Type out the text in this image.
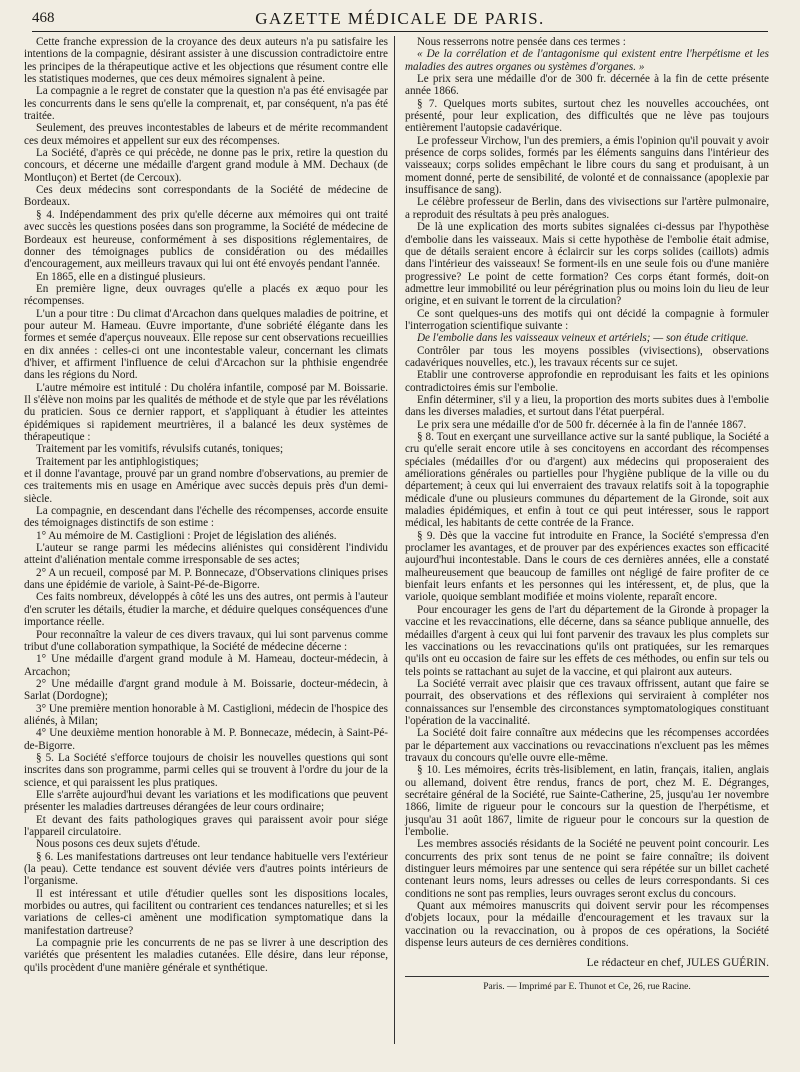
468	GAZETTE MÉDICALE DE PARIS.

Cette franche expression de la croyance des deux auteurs n'a pu satisfaire les intentions de la compagnie, désirant assister à une discussion contradictoire entre les principes de la thérapeutique active et les objections que résument contre elle les statistiques modernes, que ces deux mémoires signalent à peine.

La compagnie a le regret de constater que la question n'a pas été envisagée par les concurrents dans le sens qu'elle la comprenait, et, par conséquent, n'a pas été traitée.

Seulement, des preuves incontestables de labeurs et de mérite recommandent ces deux mémoires et appellent sur eux des récompenses.

La Société, d'après ce qui précède, ne donne pas le prix, retire la question du concours, et décerne une médaille d'argent grand module à MM. Dechaux (de Montluçon) et Bertet (de Cercoux).

Ces deux médecins sont correspondants de la Société de médecine de Bordeaux.

§ 4. Indépendamment des prix qu'elle décerne aux mémoires qui ont traité avec succès les questions posées dans son programme, la Société de médecine de Bordeaux est heureuse, conformément à ses dispositions réglementaires, de donner des témoignages publics de considération ou des médailles d'encouragement, aux meilleurs travaux qui lui ont été envoyés pendant l'année.

En 1865, elle en a distingué plusieurs.

En première ligne, deux ouvrages qu'elle a placés ex æquo pour les récompenses.

L'un a pour titre : Du climat d'Arcachon dans quelques maladies de poitrine, et pour auteur M. Hameau. Œuvre importante, d'une sobriété élégante dans les formes et semée d'aperçus nouveaux. Elle repose sur cent observations recueillies en dix années : celles-ci ont une incontestable valeur, concernant les climats d'hiver, et affirment l'influence de celui d'Arcachon sur la phthisie engendrée dans les régions du Nord.

L'autre mémoire est intitulé : Du choléra infantile, composé par M. Boissarie. Il s'élève non moins par les qualités de méthode et de style que par les révélations du praticien. Sous ce dernier rapport, et s'appliquant à étudier les atteintes épidémiques si rapidement meurtrières, il a balancé les deux systèmes de thérapeutique :

Traitement par les vomitifs, révulsifs cutanés, toniques;

Traitement par les antiphlogistiques;

et il donne l'avantage, prouvé par un grand nombre d'observations, au premier de ces traitements mis en usage en Amérique avec succès depuis près d'un demi-siècle.

La compagnie, en descendant dans l'échelle des récompenses, accorde ensuite des témoignages distinctifs de son estime :

1° Au mémoire de M. Castiglioni : Projet de législation des aliénés.

L'auteur se range parmi les médecins aliénistes qui considèrent l'individu atteint d'aliénation mentale comme irresponsable de ses actes;

2° A un recueil, composé par M. P. Bonnecaze, d'Observations cliniques prises dans une épidémie de variole, à Saint-Pé-de-Bigorre.

Ces faits nombreux, développés à côté les uns des autres, ont permis à l'auteur d'en scruter les détails, étudier la marche, et déduire quelques conséquences d'une importance réelle.

Pour reconnaître la valeur de ces divers travaux, qui lui sont parvenus comme tribut d'une collaboration sympathique, la Société de médecine décerne :

1° Une médaille d'argent grand module à M. Hameau, docteur-médecin, à Arcachon;

2° Une médaille d'argnt grand module à M. Boissarie, docteur-médecin, à Sarlat (Dordogne);

3° Une première mention honorable à M. Castiglioni, médecin de l'hospice des aliénés, à Milan;

4° Une deuxième mention honorable à M. P. Bonnecaze, médecin, à Saint-Pé-de-Bigorre.

§ 5. La Société s'efforce toujours de choisir les nouvelles questions qui sont inscrites dans son programme, parmi celles qui se trouvent à l'ordre du jour de la science, et qui paraissent les plus pratiques.

Elle s'arrête aujourd'hui devant les variations et les modifications que peuvent présenter les maladies dartreuses dérangées de leur cours ordinaire;

Et devant des faits pathologiques graves qui paraissent avoir pour siége l'appareil circulatoire.

Nous posons ces deux sujets d'étude.

§ 6. Les manifestations dartreuses ont leur tendance habituelle vers l'extérieur (la peau). Cette tendance est souvent déviée vers d'autres points intérieurs de l'organisme.

Il est intéressant et utile d'étudier quelles sont les dispositions locales, morbides ou autres, qui facilitent ou contrarient ces tendances naturelles; et si les variations de celles-ci amènent une modification symptomatique dans la manifestation dartreuse?

La compagnie prie les concurrents de ne pas se livrer à une description des variétés que présentent les maladies cutanées. Elle désire, dans leur réponse, qu'ils procèdent d'une manière générale et synthétique.

Nous resserrons notre pensée dans ces termes :

« De la corrélation et de l'antagonisme qui existent entre l'herpétisme et les maladies des autres organes ou systèmes d'organes. »

Le prix sera une médaille d'or de 300 fr. décernée à la fin de cette présente année 1866.

§ 7. Quelques morts subites, surtout chez les nouvelles accouchées, ont présenté, pour leur explication, des difficultés que ne lève pas toujours entièrement l'autopsie cadavérique.

Le professeur Virchow, l'un des premiers, a émis l'opinion qu'il pouvait y avoir présence de corps solides, formés par les éléments sanguins dans l'intérieur des vaisseaux; corps solides empêchant le libre cours du sang et produisant, à un moment donné, perte de sensibilité, de volonté et de connaissance (apoplexie par insuffisance de sang).

Le célèbre professeur de Berlin, dans des vivisections sur l'artère pulmonaire, a reproduit des résultats à peu près analogues.

De là une explication des morts subites signalées ci-dessus par l'hypothèse d'embolie dans les vaisseaux. Mais si cette hypothèse de l'embolie était admise, que de détails seraient encore à éclaircir sur les corps solides (caillots) admis dans l'intérieur des vaisseaux! Se forment-ils en une seule fois ou d'une manière progressive? Le point de cette formation? Ces corps étant formés, doit-on admettre leur immobilité ou leur pérégrination plus ou moins loin du lieu de leur origine, et en suivant le torrent de la circulation?

Ce sont quelques-uns des motifs qui ont décidé la compagnie à formuler l'interrogation scientifique suivante :

De l'embolie dans les vaisseaux veineux et artériels; — son étude critique.

Contrôler par tous les moyens possibles (vivisections), observations cadavériques nouvelles, etc.), les travaux récents sur ce sujet.

Etablir une controverse approfondie en reproduisant les faits et les opinions contradictoires émis sur l'embolie.

Enfin déterminer, s'il y a lieu, la proportion des morts subites dues à l'embolie dans les diverses maladies, et surtout dans l'état puerpéral.

Le prix sera une médaille d'or de 500 fr. décernée à la fin de l'année 1867.

§ 8. Tout en exerçant une surveillance active sur la santé publique, la Société a cru qu'elle serait encore utile à ses concitoyens en accordant des récompenses spéciales (médailles d'or ou d'argent) aux médecins qui proposeraient des améliorations générales ou partielles pour l'hygiène publique de la ville ou du département; à ceux qui lui enverraient des travaux relatifs soit à la topographie médicale d'une ou plusieurs communes du département de la Gironde, soit aux maladies épidémiques, et enfin à tout ce qui peut intéresser, sous le rapport médical, les habitants de cette contrée de la France.

§ 9. Dès que la vaccine fut introduite en France, la Société s'empressa d'en proclamer les avantages, et de prouver par des expériences exactes son efficacité aujourd'hui incontestable. Dans le cours de ces dernières années, elle a constaté malheureusement que beaucoup de familles ont négligé de faire profiter de ce bienfait leurs enfants et les personnes qui les intéressent, et, de plus, que la variole, quoique semblant modifiée et moins violente, reparaît encore.

Pour encourager les gens de l'art du département de la Gironde à propager la vaccine et les revaccinations, elle décerne, dans sa séance publique annuelle, des médailles d'argent à ceux qui lui font parvenir des travaux les plus complets sur les vaccinations ou les revaccinations qu'ils ont pratiquées, sur les remarques qu'ils ont eu occasion de faire sur les effets de ces méthodes, ou enfin sur tels ou tels points se rattachant au sujet de la vaccine, et qui plairont aux auteurs.

La Société verrait avec plaisir que ces travaux offrissent, autant que faire se pourrait, des observations et des réflexions qui serviraient à compléter nos connaissances sur l'ensemble des circonstances symptomatologiques constituant l'opération de la vaccinalité.

La Société doit faire connaître aux médecins que les récompenses accordées par le département aux vaccinations ou revaccinations n'excluent pas les mêmes travaux du concours qu'elle ouvre elle-même.

§ 10. Les mémoires, écrits très-lisiblement, en latin, français, italien, anglais ou allemand, doivent être rendus, francs de port, chez M. E. Dégranges, secrétaire général de la Société, rue Sainte-Catherine, 25, jusqu'au 1er novembre 1866, limite de rigueur pour le concours sur la question de l'herpétisme, et jusqu'au 31 août 1867, limite de rigueur pour le concours sur la question de l'embolie.

Les membres associés résidants de la Société ne peuvent point concourir. Les concurrents des prix sont tenus de ne point se faire connaître; ils doivent distinguer leurs mémoires par une sentence qui sera répétée sur un billet cacheté contenant leurs noms, leurs adresses ou celles de leurs correspondants. Si ces conditions ne sont pas remplies, leurs ouvrages seront exclus du concours.

Quant aux mémoires manuscrits qui doivent servir pour les récompenses d'objets locaux, pour la médaille d'encouragement et les travaux sur la vaccination ou la revaccination, ou à propos de ces opérations, la Société dispense leurs auteurs de ces dernières conditions.

Le rédacteur en chef, JULES GUÉRIN.
Paris. — Imprimé par E. Thunot et Ce, 26, rue Racine.
